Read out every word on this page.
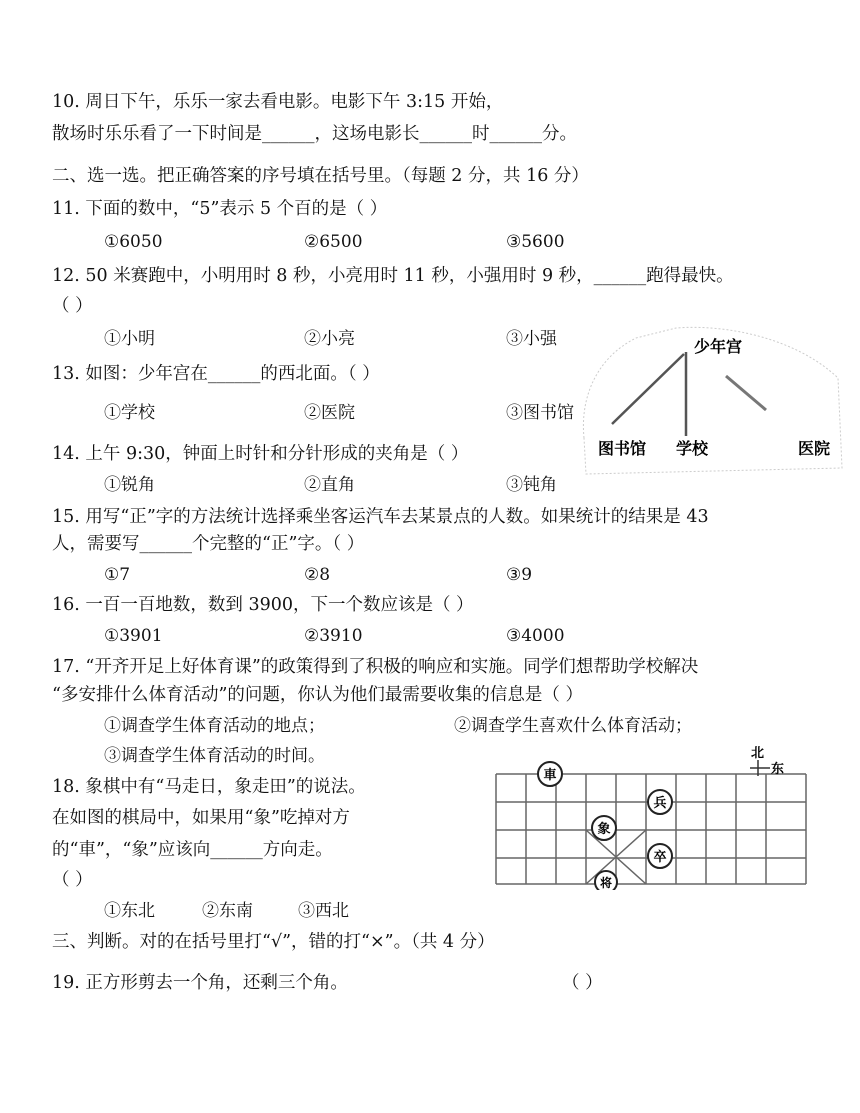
10. 周日下午，乐乐一家去看电影。电影下午 3:15 开始，
散场时乐乐看了一下时间是______，这场电影长______时______分。
二、选一选。把正确答案的序号填在括号里。（每题 2 分，共 16 分）
11. 下面的数中，“5”表示 5 个百的是（ ）
①6050	②6500	③5600
12. 50 米赛跑中，小明用时 8 秒，小亮用时 11 秒，小强用时 9 秒，______跑得最快。
（ ）
①小明	②小亮	③小强
13. 如图：少年宫在______的西北面。（ ）
①学校	②医院	③图书馆
少年宫
图书馆 学校	医院
14. 上午 9:30，钟面上时针和分针形成的夹角是（ ）
①锐角	②直角	③钝角
15. 用写“正”字的方法统计选择乘坐客运汽车去某景点的人数。如果统计的结果是 43
人，需要写______个完整的“正”字。（ ）
①7	②8	③9
16. 一百一百地数，数到 3900，下一个数应该是（ ）
①3901	②3910	③4000
17. “开齐开足上好体育课”的政策得到了积极的响应和实施。同学们想帮助学校解决
“多安排什么体育活动”的问题，你认为他们最需要收集的信息是（ ）
①调查学生体育活动的地点；	②调查学生喜欢什么体育活动；
③调查学生体育活动的时间。
18. 象棋中有“马走日，象走田”的说法。
在如图的棋局中，如果用“象”吃掉对方
的“車”，“象”应该向______方向走。
（ ）
①东北	②东南	③西北
北
东
車
兵
象
卒
将
三、判断。对的在括号里打“√”，错的打“×”。（共 4 分）
19. 正方形剪去一个角，还剩三个角。	（ ）
